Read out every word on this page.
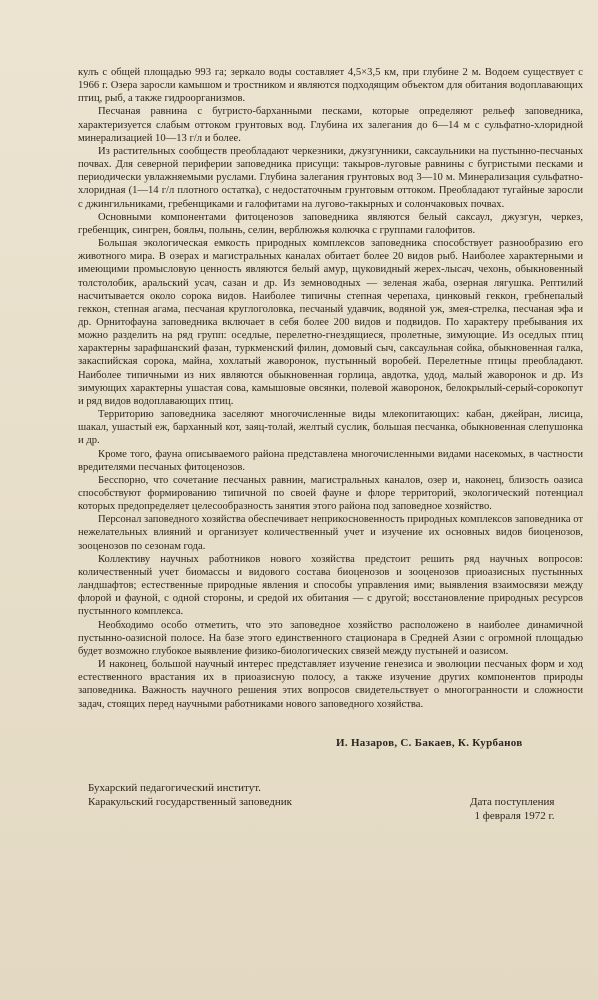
кулъ с общей площадью 993 га; зеркало воды составляет 4,5×3,5 км, при глубине 2 м. Водоем существует с 1966 г. Озера заросли камышом и тростником и являются подходящим объектом для обитания водоплавающих птиц, рыб, а также гидроорганизмов.

Песчаная равнина с бугристо-барханными песками, которые определяют рельеф заповедника, характеризуется слабым оттоком грунтовых вод. Глубина их залегания до 6—14 м с сульфатно-хлоридной минерализацией 10—13 г/л и более.

Из растительных сообществ преобладают черкезники, джузгунники, саксаульники на пустынно-песчаных почвах. Для северной периферии заповедника присущи: такыров-луговые равнины с бугристыми песками и периодически увлажняемыми руслами. Глубина залегания грунтовых вод 3—10 м. Минерализация сульфатно-хлоридная (1—14 г/л плотного остатка), с недостаточным грунтовым оттоком. Преобладают тугайные заросли с джингильниками, гребенщиками и галофитами на лугово-такырных и солончаковых почвах.

Основными компонентами фитоценозов заповедника являются белый саксаул, джузгун, черкез, гребенщик, сингрен, бояльч, полынь, селин, верблюжья колючка с группами галофитов.

Большая экологическая емкость природных комплексов заповедника способствует разнообразию его животного мира. В озерах и магистральных каналах обитает более 20 видов рыб. Наиболее характерными и имеющими промысловую ценность являются белый амур, щуковидный жерех-лысач, чехонь, обыкновенный толстолобик, аральский усач, сазан и др. Из земноводных — зеленая жаба, озерная лягушка. Рептилий насчитывается около сорока видов. Наиболее типичны степная черепаха, цинковый геккон, гребнепалый геккон, степная агама, песчаная круглоголовка, песчаный удавчик, водяной уж, змея-стрелка, песчаная эфа и др. Орнитофауна заповедника включает в себя более 200 видов и подвидов. По характеру пребывания их можно разделить на ряд групп: оседлые, перелетно-гнездящиеся, пролетные, зимующие. Из оседлых птиц характерны зарафшанский фазан, туркменский филин, домовый сыч, саксаульная сойка, обыкновенная галка, закаспийская сорока, майна, хохлатый жаворонок, пустынный воробей. Перелетные птицы преобладают. Наиболее типичными из них являются обыкновенная горлица, авдотка, удод, малый жаворонок и др. Из зимующих характерны ушастая сова, камышовые овсянки, полевой жаворонок, белокрылый-серый-сорокопут и ряд видов водоплавающих птиц.

Территорию заповедника заселяют многочисленные виды млекопитающих: кабан, джейран, лисица, шакал, ушастый еж, барханный кот, заяц-толай, желтый суслик, большая песчанка, обыкновенная слепушонка и др.

Кроме того, фауна описываемого района представлена многочисленными видами насекомых, в частности вредителями песчаных фитоценозов.

Бесспорно, что сочетание песчаных равнин, магистральных каналов, озер и, наконец, близость оазиса способствуют формированию типичной по своей фауне и флоре территорий, экологический потенциал которых предопределяет целесообразность занятия этого района под заповедное хозяйство.

Персонал заповедного хозяйства обеспечивает неприкосновенность природных комплексов заповедника от нежелательных влияний и организует количественный учет и изучение их основных видов биоценозов, зооценозов по сезонам года.

Коллективу научных работников нового хозяйства предстоит решить ряд научных вопросов: количественный учет биомассы и видового состава биоценозов и зооценозов приоазисных пустынных ландшафтов; естественные природные явления и способы управления ими; выявления взаимосвязи между флорой и фауной, с одной стороны, и средой их обитания — с другой; восстановление природных ресурсов пустынного комплекса.

Необходимо особо отметить, что это заповедное хозяйство расположено в наиболее динамичной пустынно-оазисной полосе. На базе этого единственного стационара в Средней Азии с огромной площадью будет возможно глубокое выявление физико-биологических связей между пустыней и оазисом.

И наконец, большой научный интерес представляет изучение генезиса и эволюции песчаных форм и ход естественного врастания их в приоазисную полосу, а также изучение других компонентов природы заповедника. Важность научного решения этих вопросов свидетельствует о многогранности и сложности задач, стоящих перед научными работниками нового заповедного хозяйства.

И. Назаров, С. Бакаев, К. Курбанов
Бухарский педагогический институт.
Каракульский государственный заповедник	Дата поступления
1 февраля 1972 г.
